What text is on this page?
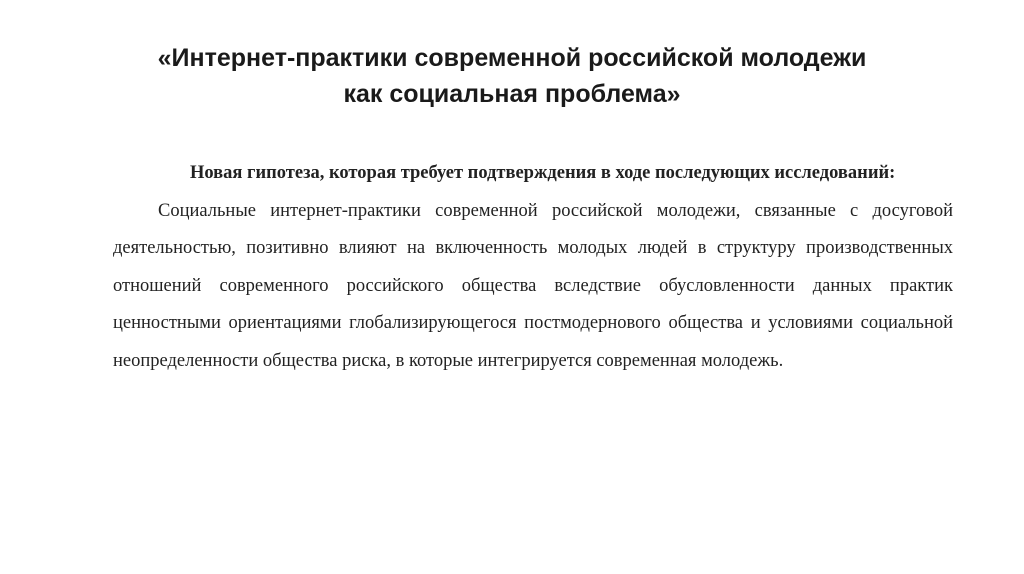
«Интернет-практики современной российской молодежи
как социальная проблема»

Новая гипотеза, которая требует подтверждения в ходе последующих исследований:

Социальные интернет-практики современной российской молодежи, связанные с досуговой деятельностью, позитивно влияют на включенность молодых людей в структуру производственных отношений современного российского общества вследствие обусловленности данных практик ценностными ориентациями глобализирующегося постмодернового общества и условиями социальной неопределенности общества риска, в которые интегрируется современная молодежь.
